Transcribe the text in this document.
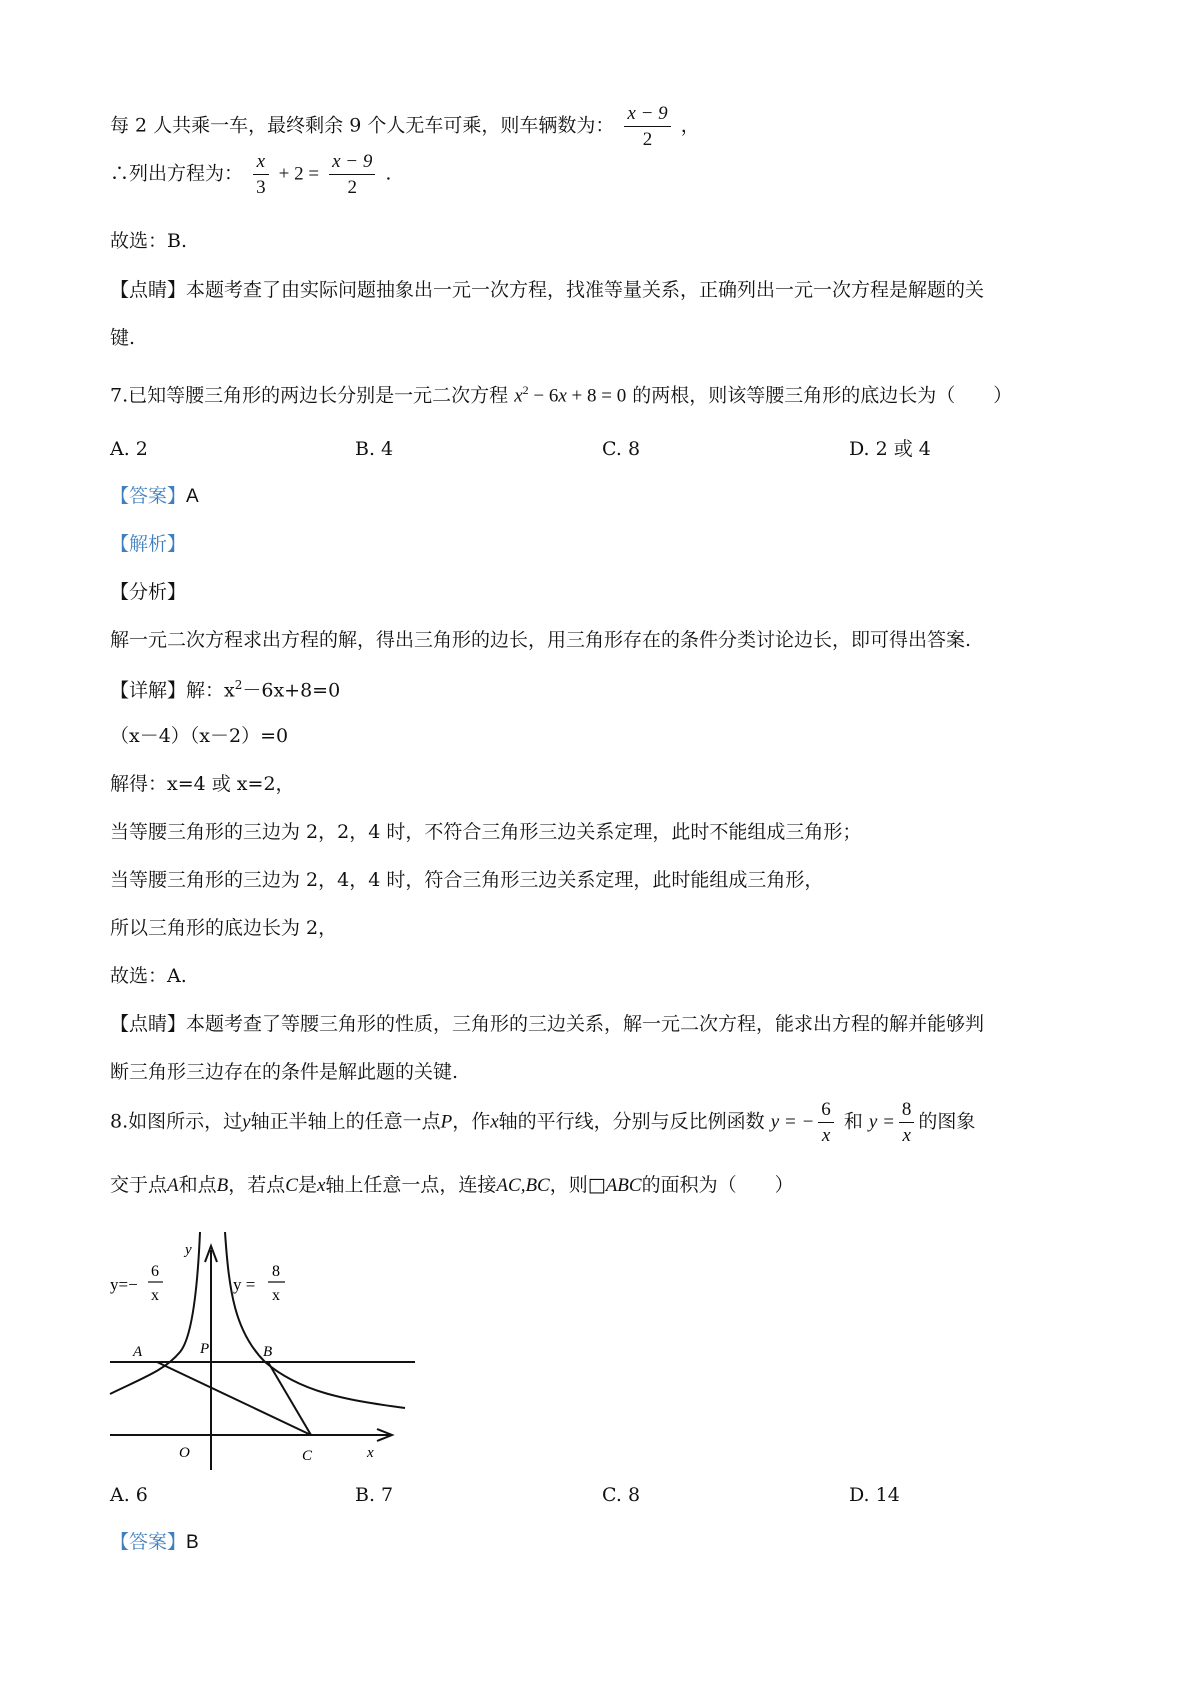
每 2 人共乘一车，最终剩余 9 个人无车可乘，则车辆数为： $\frac{x - 9}{2}$ ，
∴列出方程为： $\frac{x}{3} + 2 = \frac{x - 9}{2}$ .
故选：B.
【点睛】本题考查了由实际问题抽象出一元一次方程，找准等量关系，正确列出一元一次方程是解题的关
键.
7.已知等腰三角形的两边长分别是一元二次方程 $x^2 - 6x + 8 = 0$ 的两根，则该等腰三角形的底边长为（　　）
A. 2	B. 4	C. 8	D. 2 或 4
【答案】A
【解析】
【分析】
解一元二次方程求出方程的解，得出三角形的边长，用三角形存在的条件分类讨论边长，即可得出答案.
【详解】解：$x^2-6x+8=0$
（x－4）（x－2）=0
解得：x=4 或 x=2，
当等腰三角形的三边为 2，2，4 时，不符合三角形三边关系定理，此时不能组成三角形；
当等腰三角形的三边为 2，4，4 时，符合三角形三边关系定理，此时能组成三角形，
所以三角形的底边长为 2，
故选：A.
【点睛】本题考查了等腰三角形的性质，三角形的三边关系，解一元二次方程，能求出方程的解并能够判
断三角形三边存在的条件是解此题的关键.
8.如图所示，过y轴正半轴上的任意一点P，作x轴的平行线，分别与反比例函数 y = − $\frac{6}{x}$ 和 $y = \frac{8}{x}$ 的图象
交于点A和点B，若点C是x轴上任意一点，连接AC,BC，则□ABC的面积为（　　）
y
x
O
P
A	B
C
y=−
6
x
y =
8
x
A. 6	B. 7	C. 8	D. 14
【答案】B
